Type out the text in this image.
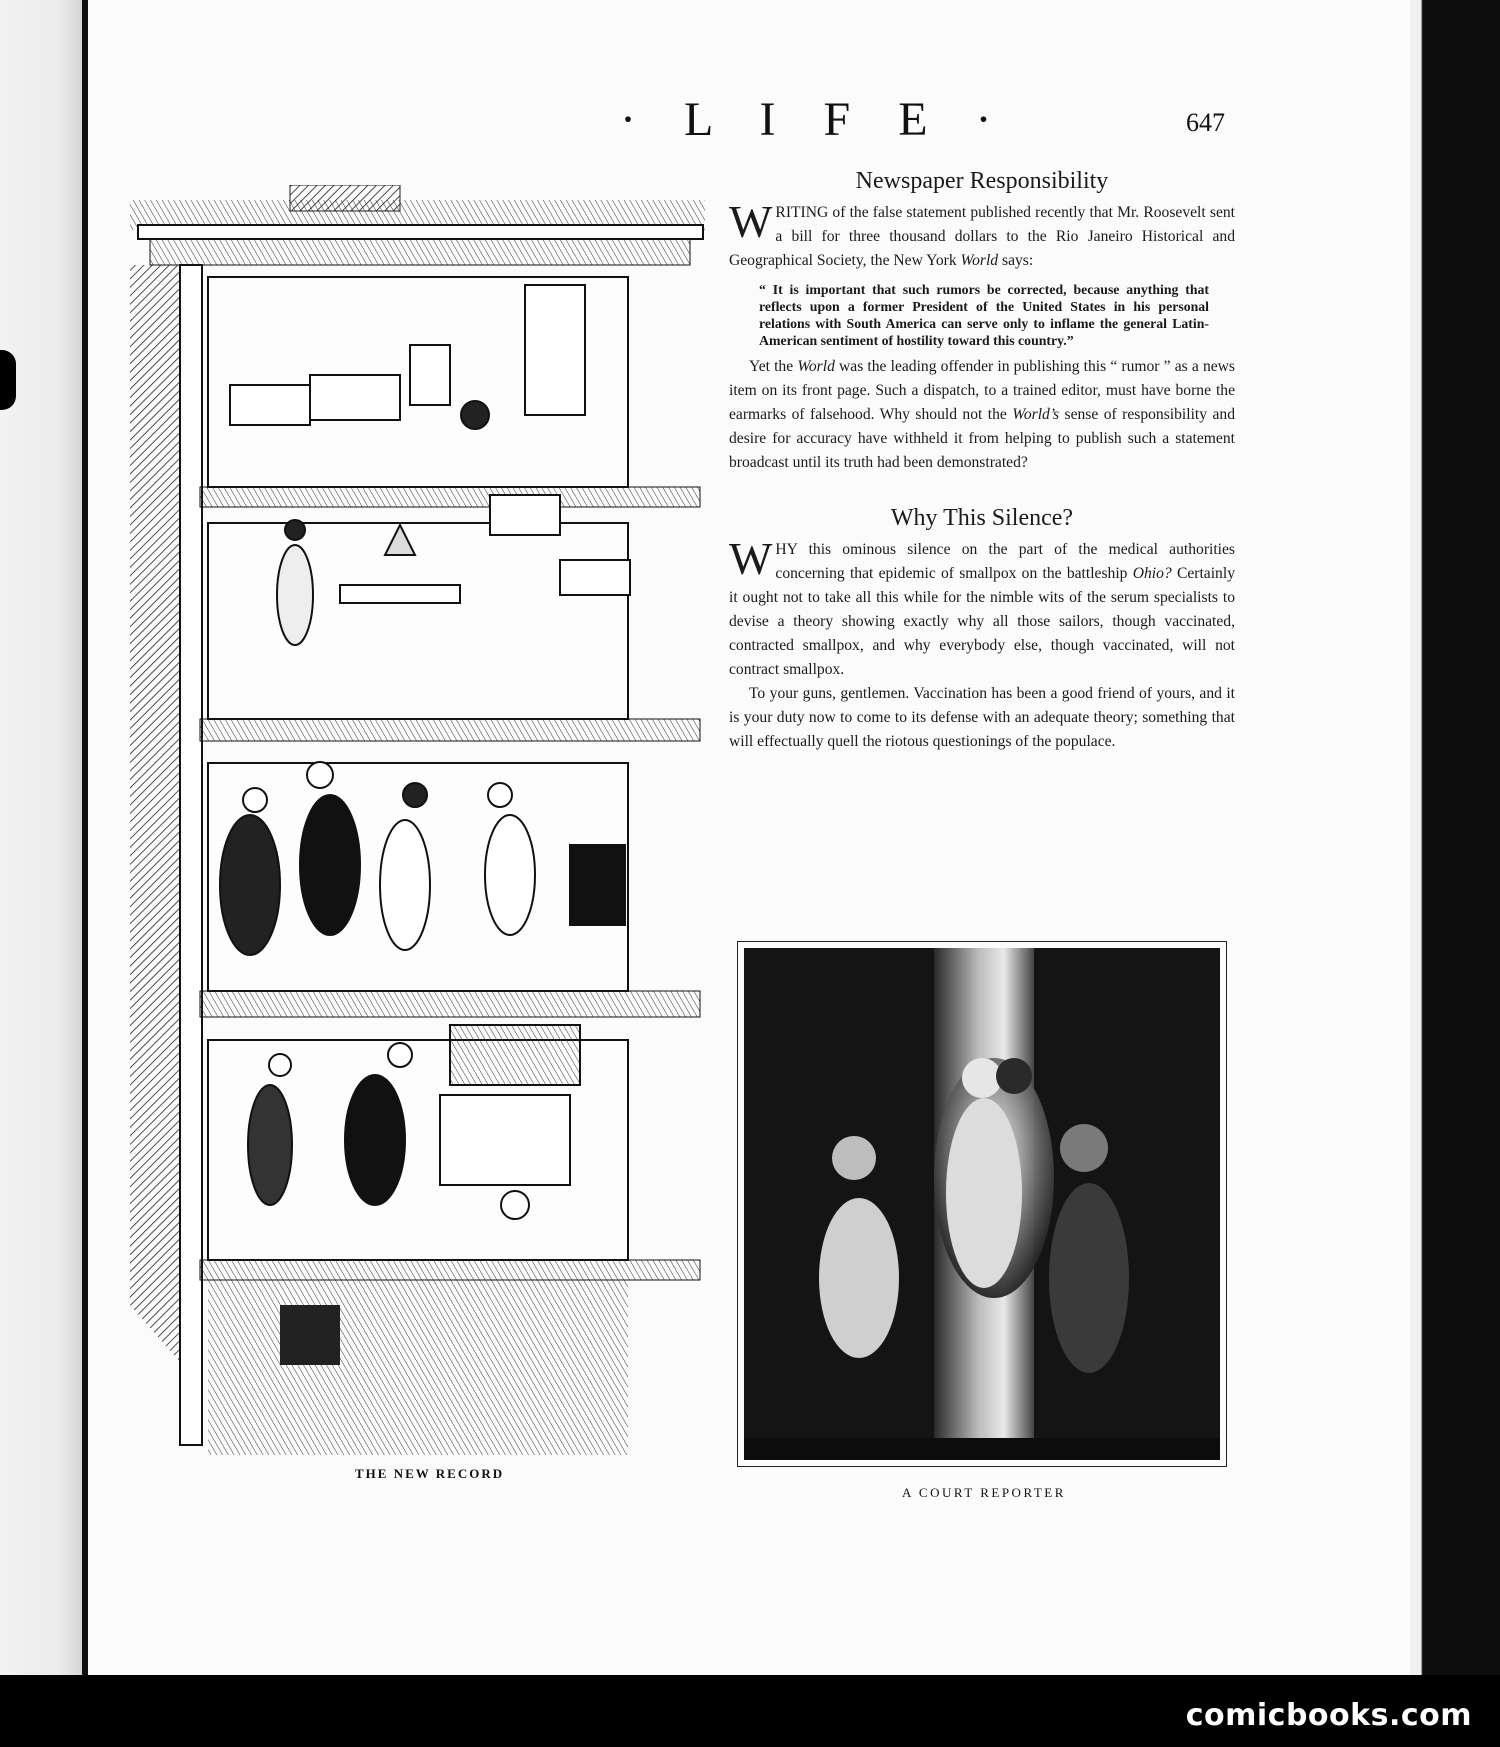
comicbooks.com
· L I F E ·	647
THE NEW RECORD
Newspaper Responsibility

WRITING of the false statement published recently that Mr. Roosevelt sent a bill for three thousand dollars to the Rio Janeiro Historical and Geographical Society, the New York World says:

“ It is important that such rumors be corrected, because anything that reflects upon a former President of the United States in his personal relations with South America can serve only to inflame the general Latin-American sentiment of hostility toward this country.”

Yet the World was the leading offender in publishing this “ rumor ” as a news item on its front page. Such a dispatch, to a trained editor, must have borne the earmarks of falsehood. Why should not the World’s sense of responsibility and desire for accuracy have withheld it from helping to publish such a statement broadcast until its truth had been demonstrated?

Why This Silence?

WHY this ominous silence on the part of the medical authorities concerning that epidemic of smallpox on the battleship Ohio? Certainly it ought not to take all this while for the nimble wits of the serum specialists to devise a theory showing exactly why all those sailors, though vaccinated, contracted smallpox, and why everybody else, though vaccinated, will not contract smallpox.

To your guns, gentlemen. Vaccination has been a good friend of yours, and it is your duty now to come to its defense with an adequate theory; something that will effectually quell the riotous questionings of the populace.

A COURT REPORTER
